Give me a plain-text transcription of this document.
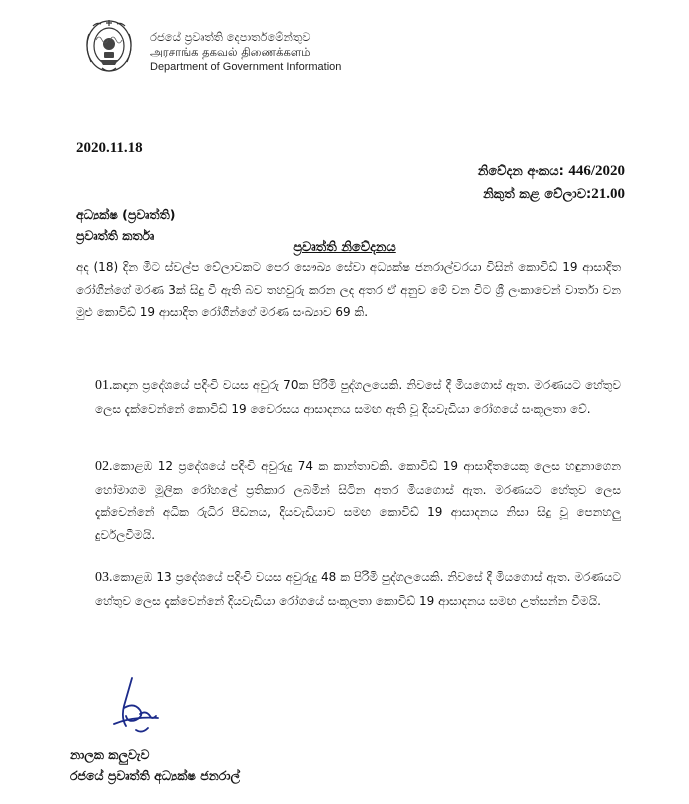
රජයේ ප්‍රවෘත්ති දෙපාර්තමේන්තුව
அரசாங்க தகவல் திணைக்களம்
Department of Government Information
2020.11.18
නිවේදන අංකය: 446/2020
නිකුත් කළ වේලාව:21.00
අධ්‍යක්ෂ (ප්‍රවෘත්ති)
ප්‍රවෘත්ති කර්තෘ
ප්‍රවෘත්ති නිවේදනය

අද (18) දින මීට ස්වල්ප වේලාවකට පෙර සෞඛ්‍ය සේවා අධ්‍යක්ෂ ජනරාල්වරයා විසින් කොවිඩ් 19 ආසාදිත රෝගීන්ගේ මරණ 3ක් සිදු වී ඇති බව තහවුරු කරන ලද අතර ඒ අනුව මේ වන විට ශ්‍රී ලංකාවෙන් වාර්තා වන මුළු කොවිඩ් 19 ආසාදිත රෝගීන්ගේ මරණ සංඛ්‍යාව 69 කි.

01.කඳාන ප්‍රදේශයේ පදිංචි වයස අවුරු 70ක පිරිමි පුද්ගලයෙකි. නිවසේ දී මියගොස් ඇත. මරණයට හේතුව ලෙස දැක්වෙන්නේ කොවිඩ් 19 වෛරසය ආසාදනය සමඟ ඇති වූ දියවැඩියා රෝගයේ සංකූලතා වේ.

02.කොළඹ 12 ප්‍රදේශයේ පදිංචි අවුරුදු 74 ක කාන්තාවකි. කොවිඩ් 19 ආසාදිතයෙකු ලෙස හඳුනාගෙන හෝමාගම මූලික රෝහලේ ප්‍රතිකාර ලබමින් සිටින අතර මියගොස් ඇත. මරණයට හේතුව ලෙස දැක්වෙන්නේ අධික රුධිර පීඩනය, දියවැඩියාව සමඟ කොවිඩ් 19 ආසාදනය නිසා සිදු වූ පෙනහලු දුර්වලවීමයි.

03.කොළඹ 13 ප්‍රදේශයේ පදිංචි වයස අවුරුදු 48 ක පිරිමි පුද්ගලයෙකි. නිවසේ දී මියගොස් ඇත. මරණයට හේතුව ලෙස දැක්වෙන්නේ දියවැඩියා රෝගයේ සංකූලතා කොවිඩ් 19 ආසාදනය සමඟ උත්සන්න වීමයි.

නාලක කලුවැව
රජයේ ප්‍රවෘත්ති අධ්‍යක්ෂ ජනරාල්
